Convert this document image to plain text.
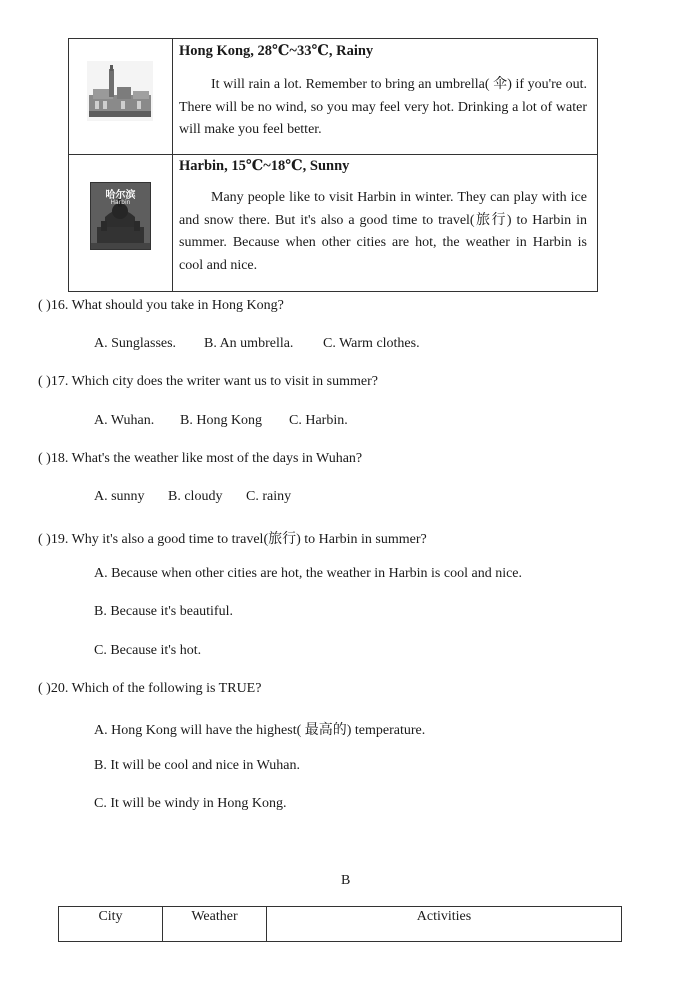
Hong Kong, 28℃~33℃, Rainy
It will rain a lot. Remember to bring an umbrella( 伞) if you're out. There will be no wind, so you may feel very hot. Drinking a lot of water will make you feel better.
哈尔滨
Harbin
Harbin, 15℃~18℃, Sunny
Many people like to visit Harbin in winter. They can play with ice and snow there. But it's also a good time to travel(旅行) to Harbin in summer. Because when other cities are hot, the weather in Harbin is cool and nice.
( )16. What should you take in Hong Kong?
A. Sunglasses. B. An umbrella. C. Warm clothes.
( )17. Which city does the writer want us to visit in summer?
A. Wuhan. B. Hong Kong C. Harbin.
( )18. What's the weather like most of the days in Wuhan?
A. sunny B. cloudy C. rainy
( )19. Why it's also a good time to travel(旅行) to Harbin in summer?
A. Because when other cities are hot, the weather in Harbin is cool and nice.
B. Because it's beautiful.
C. Because it's hot.
( )20. Which of the following is TRUE?
A. Hong Kong will have the highest( 最高的) temperature.
B. It will be cool and nice in Wuhan.
C. It will be windy in Hong Kong.
B
City	Weather	Activities
